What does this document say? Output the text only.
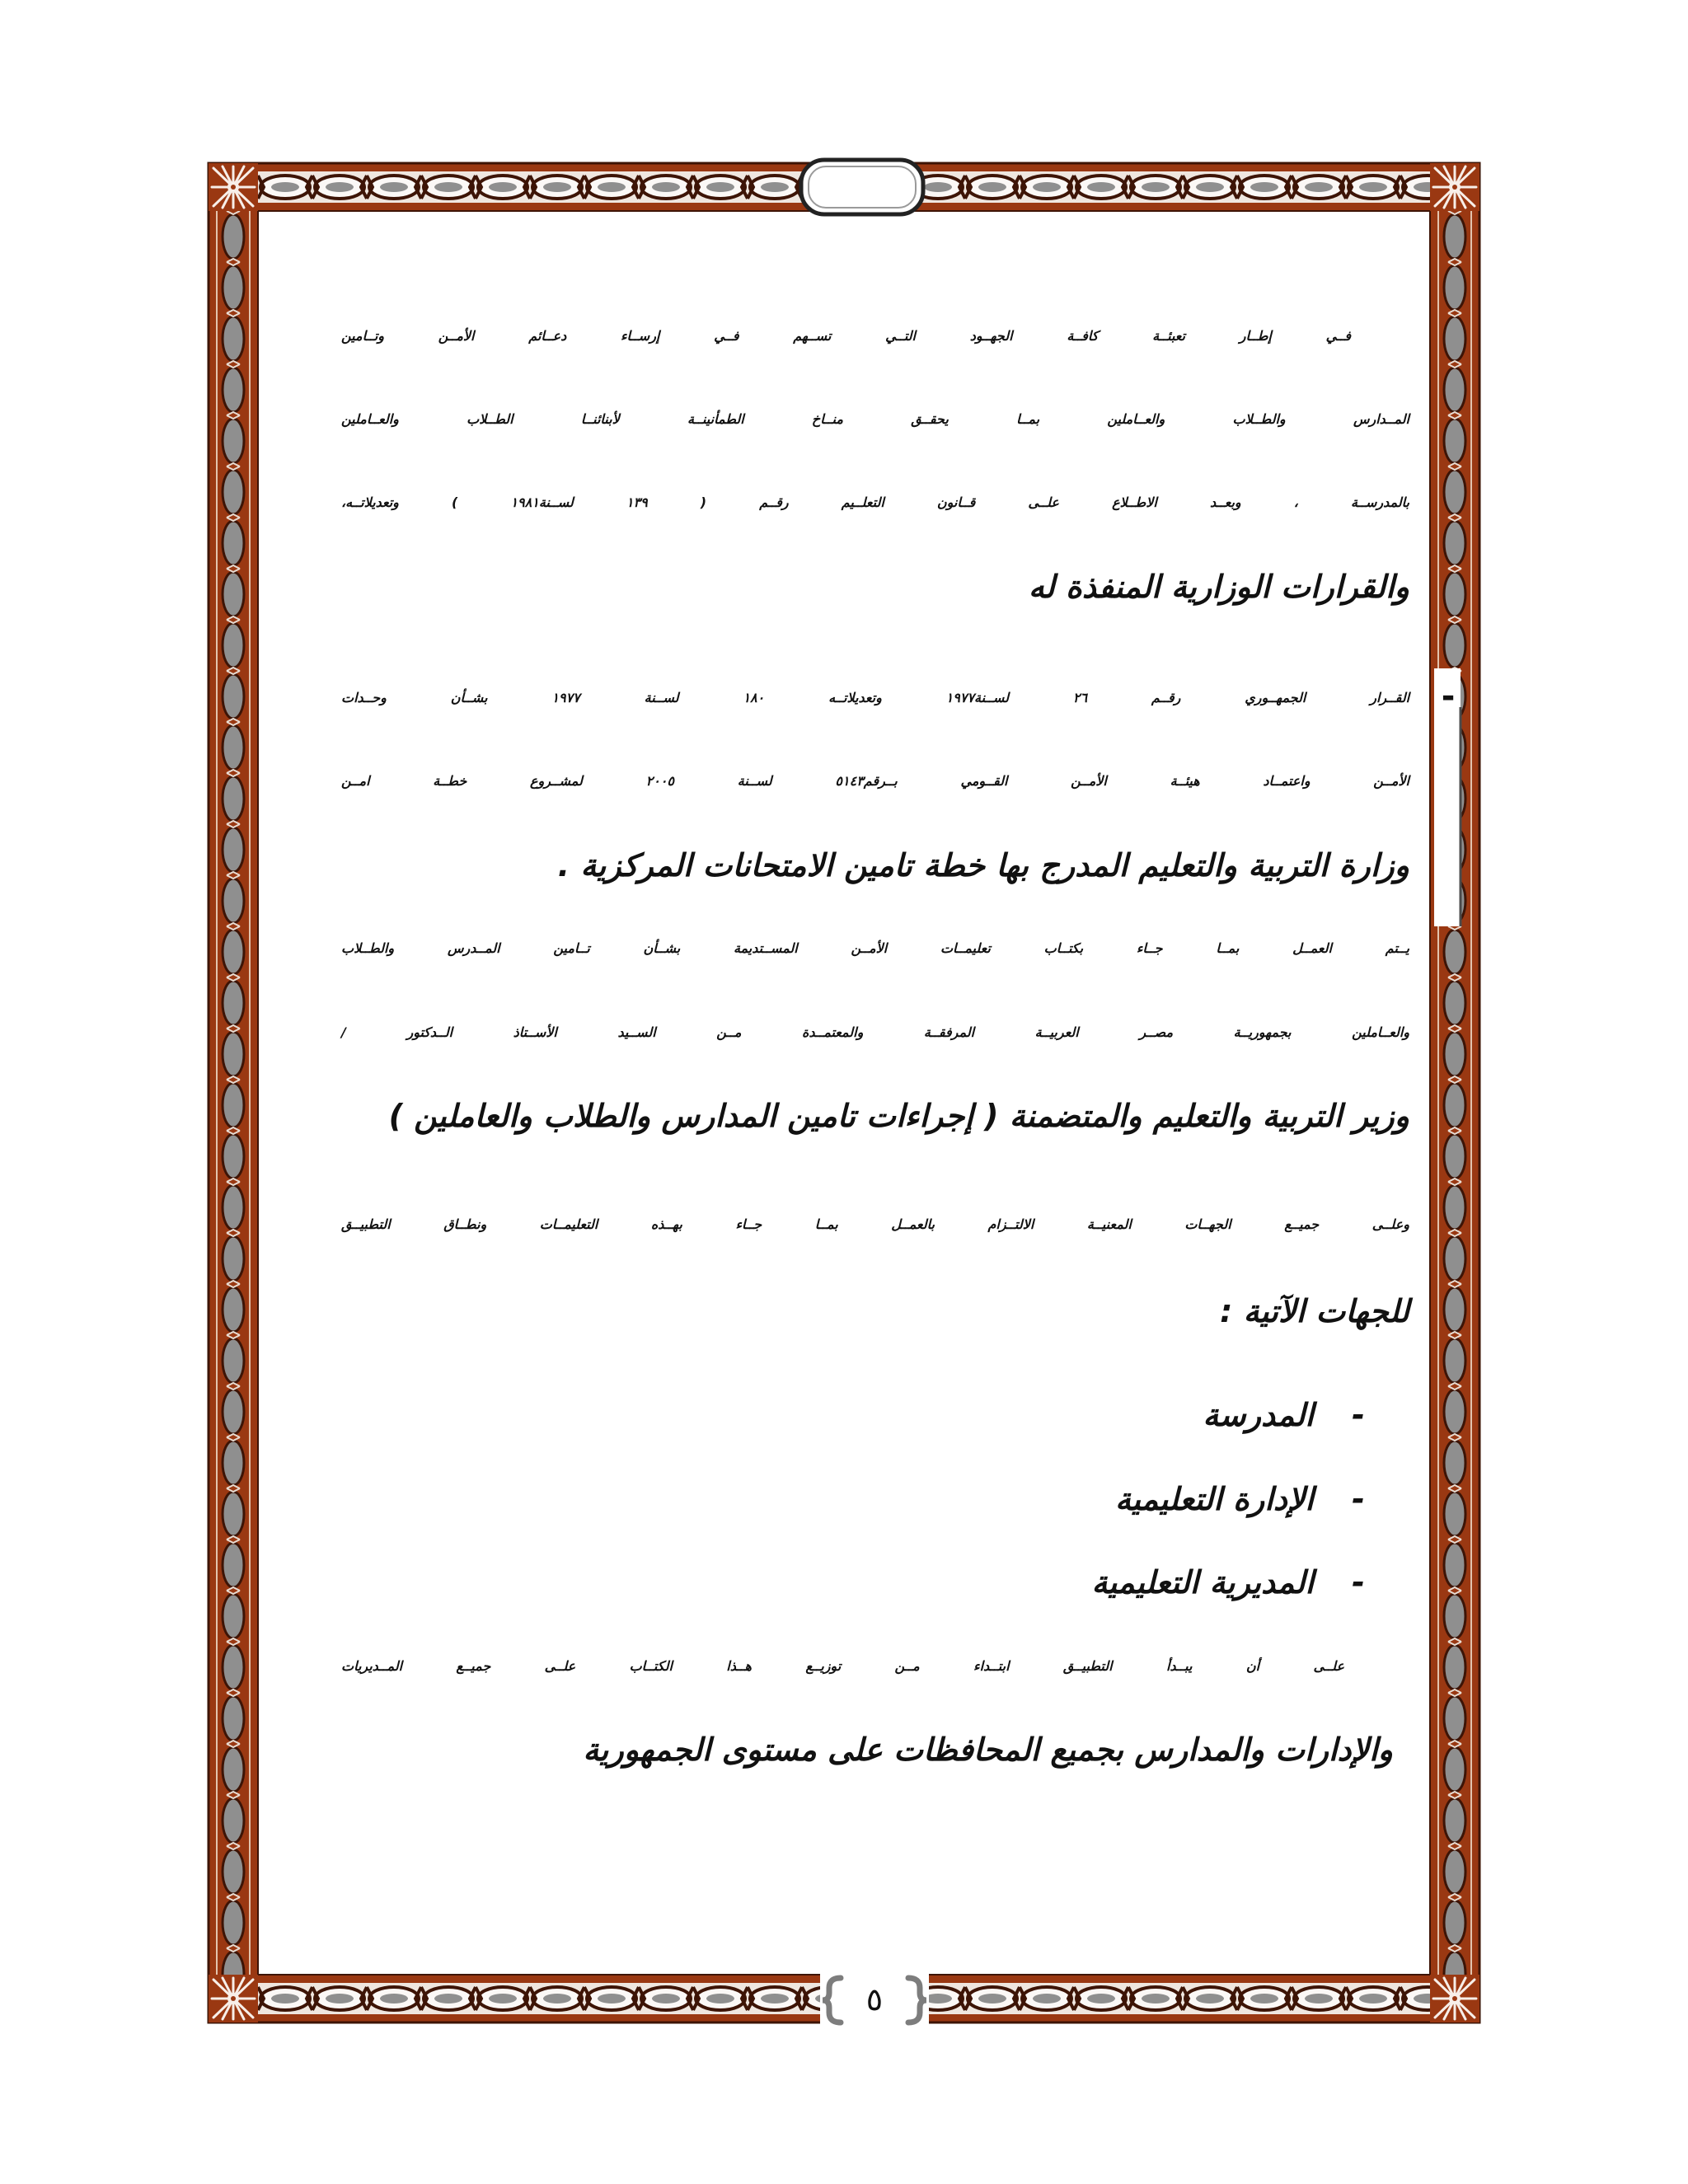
فــي إطــار تعبئــة كافــة الجهــود التــي تســهم فــي إرســاء دعــائم الأمــن وتــامين
المــدارس والطــلاب والعــاملين بمــا يحقــق منــاخ الطمأنينــة لأبنائنــا الطــلاب والعــاملين
بالمدرســة ، وبعــد الاطــلاع علــى قــانون التعلــيم رقــم ( ١٣٩ لســنة١٩٨١ ) وتعديلاتــه،
والقرارات الوزارية المنفذة له
-
القــرار الجمهــوري رقــم ٢٦ لســنة١٩٧٧ وتعديلاتــه ١٨٠ لســنة ١٩٧٧ بشــأن وحــدات
الأمــن واعتمــاد هيئــة الأمــن القــومي بــرقم٥١٤٣ لســنة ٢٠٠٥ لمشــروع خطــة امــن
وزارة التربية والتعليم المدرج بها خطة تامين الامتحانات المركزية .
يــتم العمــل بمــا جــاء بكتــاب تعليمــات الأمــن المســتديمة بشــأن تــامين المــدرس والطــلاب
والعــاملين بجمهوريــة مصــر العربيــة المرفقــة والمعتمــدة مــن الســيد الأســتاذ الــدكتور /
وزير التربية والتعليم والمتضمنة ( إجراءات تامين المدارس والطلاب والعاملين )
وعلــى جميــع الجهــات المعنيــة الالتــزام بالعمــل بمــا جــاء بهــذه التعليمــات ونطــاق التطبيــق
للجهات الآتية :
-المدرسة
-الإدارة التعليمية
-المديرية التعليمية
علــى أن يبــدأ التطبيــق ابتــداء مــن توزيــع هــذا الكتــاب علــى جميــع المــديريات
والإدارات والمدارس بجميع المحافظات على مستوى الجمهورية
٥
